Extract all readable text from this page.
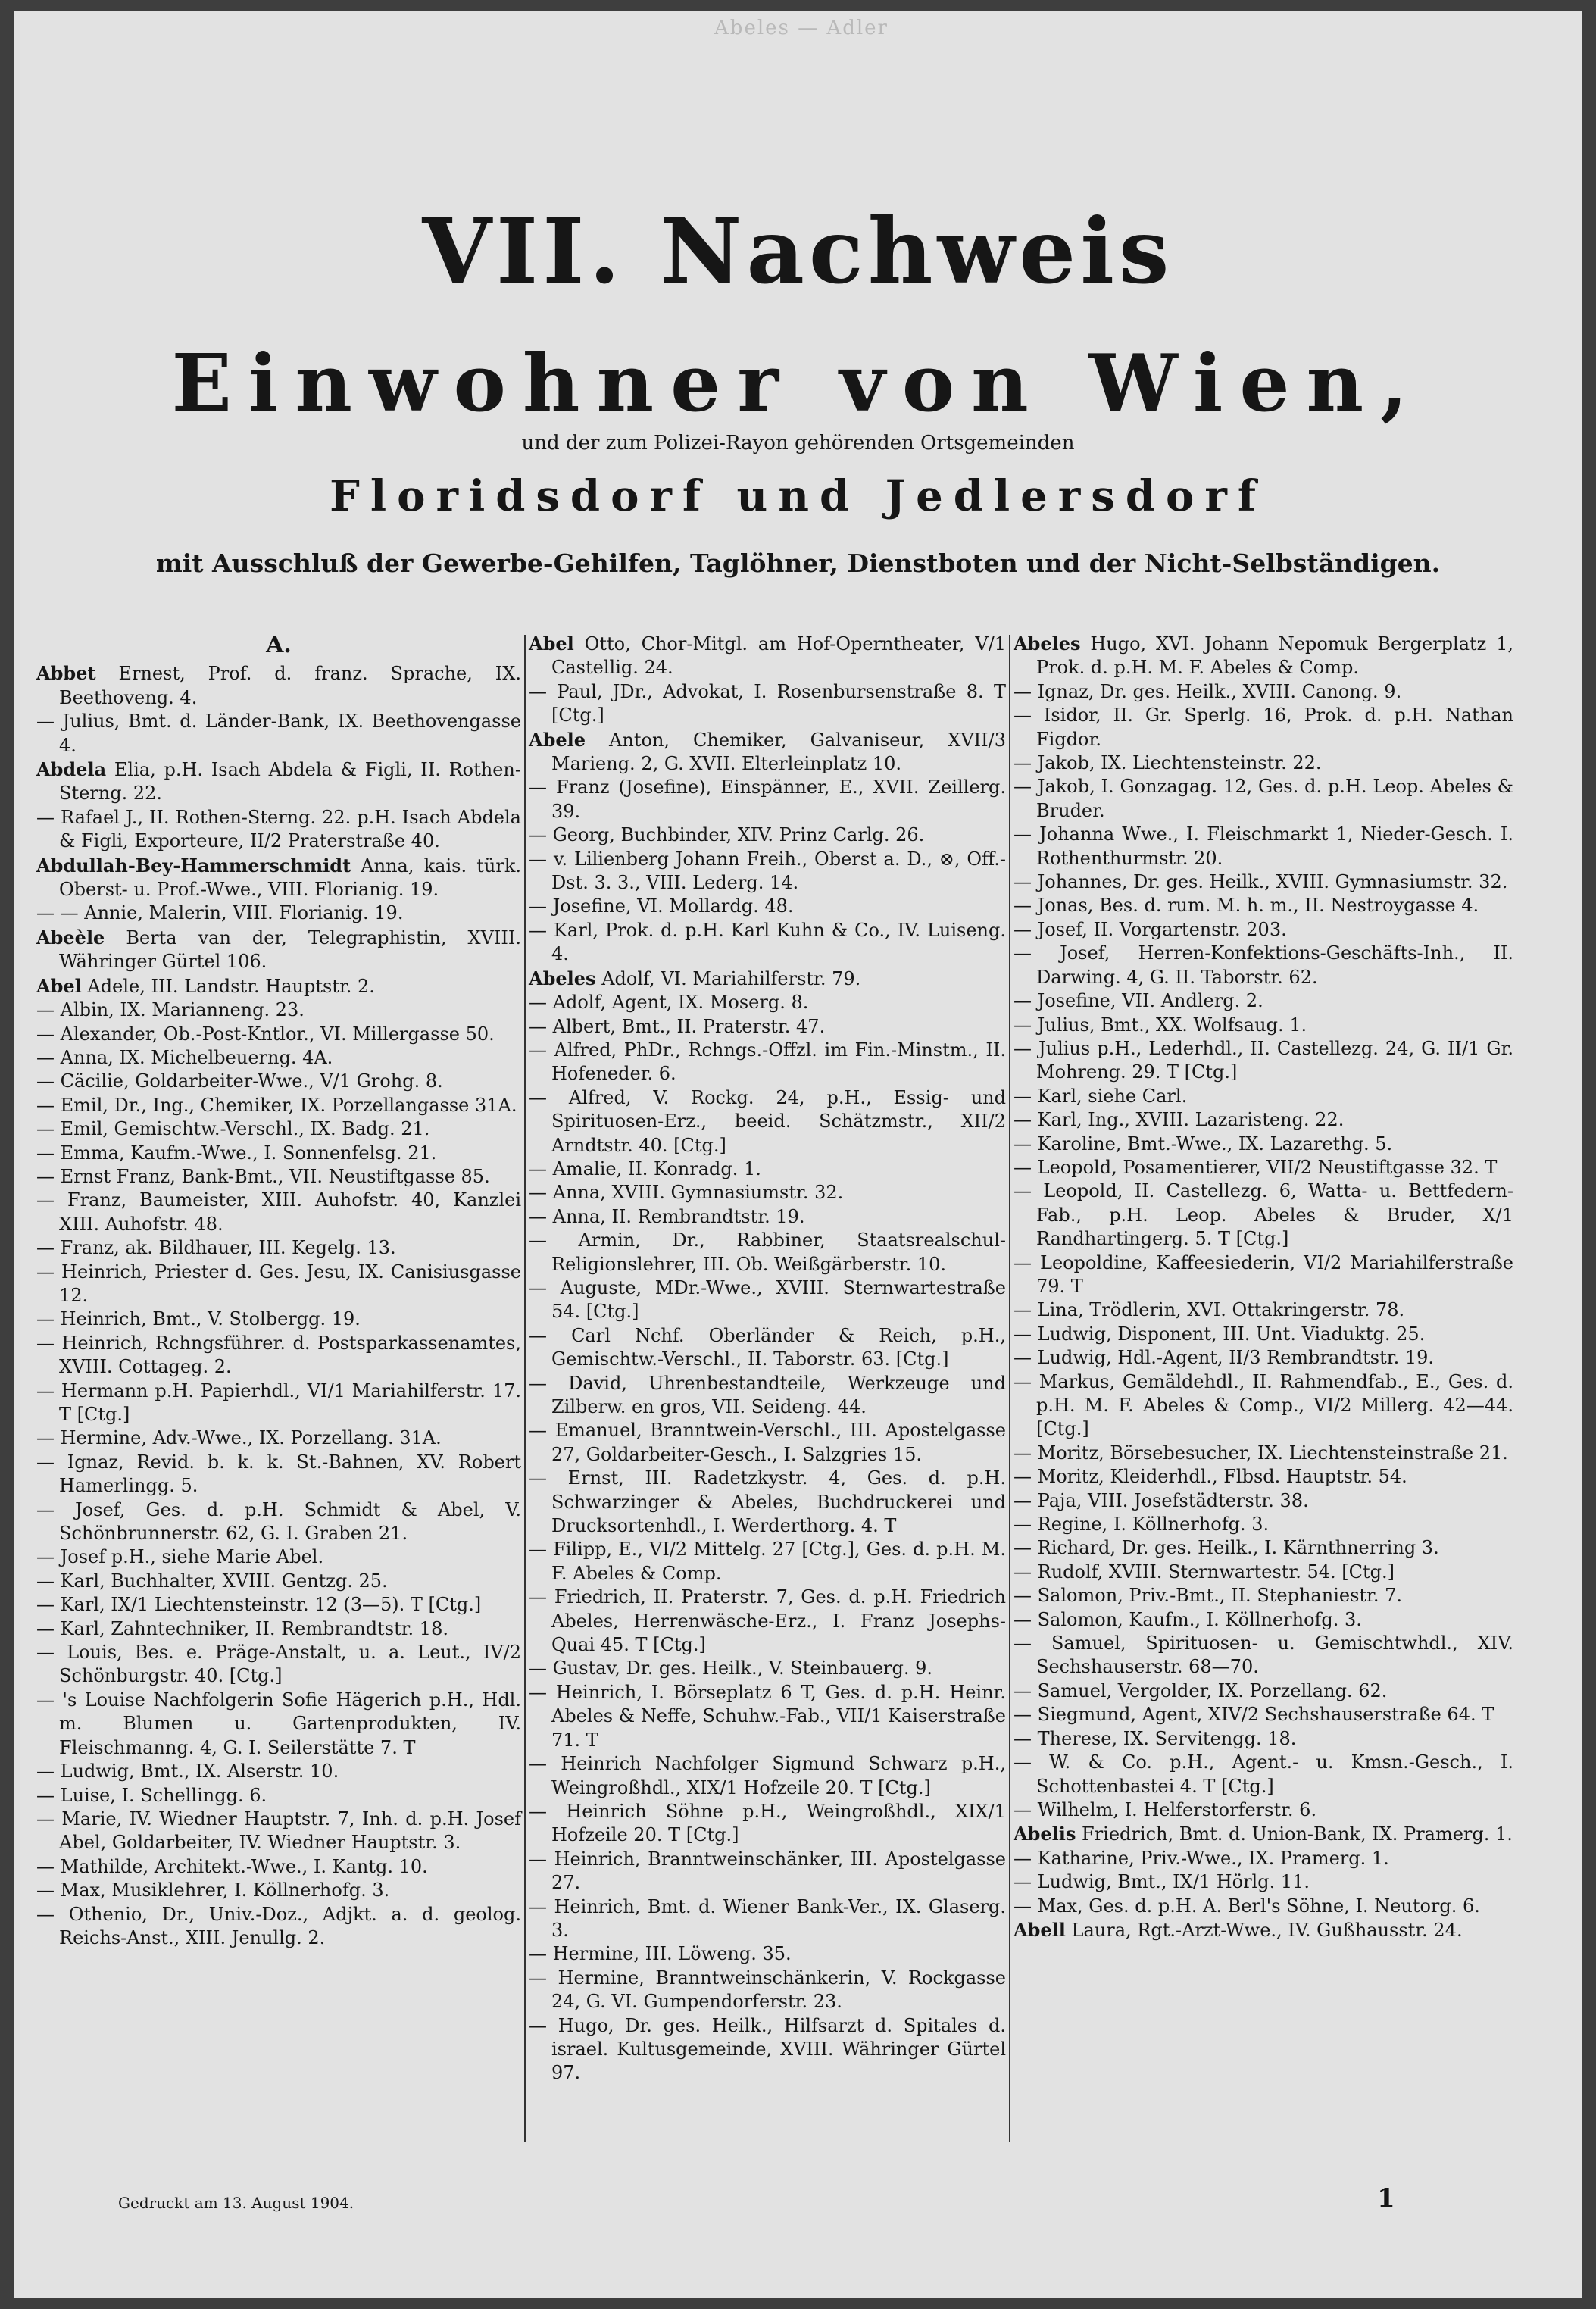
Abeles — Adler
VII. Nachweis
Einwohner von Wien,
und der zum Polizei-Rayon gehörenden Ortsgemeinden
Floridsdorf und Jedlersdorf
mit Ausschluß der Gewerbe-Gehilfen, Taglöhner, Dienstboten und der Nicht-Selbständigen.

A.

Abbet Ernest, Prof. d. franz. Sprache, IX. Beethoveng. 4.

— Julius, Bmt. d. Länder-Bank, IX. Beethovengasse 4.

Abdela Elia, p.H. Isach Abdela & Figli, II. Rothen-Sterng. 22.

— Rafael J., II. Rothen-Sterng. 22. p.H. Isach Abdela & Figli, Exporteure, II/2 Praterstraße 40.

Abdullah-Bey-Hammerschmidt Anna, kais. türk. Oberst- u. Prof.-Wwe., VIII. Florianig. 19.

— — Annie, Malerin, VIII. Florianig. 19.

Abeèle Berta van der, Telegraphistin, XVIII. Währinger Gürtel 106.

Abel Adele, III. Landstr. Hauptstr. 2.

— Albin, IX. Marianneng. 23.

— Alexander, Ob.-Post-Kntlor., VI. Millergasse 50.

— Anna, IX. Michelbeuerng. 4A.

— Cäcilie, Goldarbeiter-Wwe., V/1 Grohg. 8.

— Emil, Dr., Ing., Chemiker, IX. Porzellangasse 31A.

— Emil, Gemischtw.-Verschl., IX. Badg. 21.

— Emma, Kaufm.-Wwe., I. Sonnenfelsg. 21.

— Ernst Franz, Bank-Bmt., VII. Neustiftgasse 85.

— Franz, Baumeister, XIII. Auhofstr. 40, Kanzlei XIII. Auhofstr. 48.

— Franz, ak. Bildhauer, III. Kegelg. 13.

— Heinrich, Priester d. Ges. Jesu, IX. Canisiusgasse 12.

— Heinrich, Bmt., V. Stolbergg. 19.

— Heinrich, Rchngsführer. d. Postsparkassenamtes, XVIII. Cottageg. 2.

— Hermann p.H. Papierhdl., VI/1 Mariahilferstr. 17. T [Ctg.]

— Hermine, Adv.-Wwe., IX. Porzellang. 31A.

— Ignaz, Revid. b. k. k. St.-Bahnen, XV. Robert Hamerlingg. 5.

— Josef, Ges. d. p.H. Schmidt & Abel, V. Schönbrunnerstr. 62, G. I. Graben 21.

— Josef p.H., siehe Marie Abel.

— Karl, Buchhalter, XVIII. Gentzg. 25.

— Karl, IX/1 Liechtensteinstr. 12 (3—5). T [Ctg.]

— Karl, Zahntechniker, II. Rembrandtstr. 18.

— Louis, Bes. e. Präge-Anstalt, u. a. Leut., IV/2 Schönburgstr. 40. [Ctg.]

— 's Louise Nachfolgerin Sofie Hägerich p.H., Hdl. m. Blumen u. Gartenprodukten, IV. Fleischmanng. 4, G. I. Seilerstätte 7. T

— Ludwig, Bmt., IX. Alserstr. 10.

— Luise, I. Schellingg. 6.

— Marie, IV. Wiedner Hauptstr. 7, Inh. d. p.H. Josef Abel, Goldarbeiter, IV. Wiedner Hauptstr. 3.

— Mathilde, Architekt.-Wwe., I. Kantg. 10.

— Max, Musiklehrer, I. Köllnerhofg. 3.

— Othenio, Dr., Univ.-Doz., Adjkt. a. d. geolog. Reichs-Anst., XIII. Jenullg. 2.

Abel Otto, Chor-Mitgl. am Hof-Operntheater, V/1 Castellig. 24.

— Paul, JDr., Advokat, I. Rosenbursenstraße 8. T [Ctg.]

Abele Anton, Chemiker, Galvaniseur, XVII/3 Marieng. 2, G. XVII. Elterleinplatz 10.

— Franz (Josefine), Einspänner, E., XVII. Zeillerg. 39.

— Georg, Buchbinder, XIV. Prinz Carlg. 26.

— v. Lilienberg Johann Freih., Oberst a. D., ⊗, Off.-Dst. 3. 3., VIII. Lederg. 14.

— Josefine, VI. Mollardg. 48.

— Karl, Prok. d. p.H. Karl Kuhn & Co., IV. Luiseng. 4.

Abeles Adolf, VI. Mariahilferstr. 79.

— Adolf, Agent, IX. Moserg. 8.

— Albert, Bmt., II. Praterstr. 47.

— Alfred, PhDr., Rchngs.-Offzl. im Fin.-Minstm., II. Hofeneder. 6.

— Alfred, V. Rockg. 24, p.H., Essig- und Spirituosen-Erz., beeid. Schätzmstr., XII/2 Arndtstr. 40. [Ctg.]

— Amalie, II. Konradg. 1.

— Anna, XVIII. Gymnasiumstr. 32.

— Anna, II. Rembrandtstr. 19.

— Armin, Dr., Rabbiner, Staatsrealschul-Religionslehrer, III. Ob. Weißgärberstr. 10.

— Auguste, MDr.-Wwe., XVIII. Sternwartestraße 54. [Ctg.]

— Carl Nchf. Oberländer & Reich, p.H., Gemischtw.-Verschl., II. Taborstr. 63. [Ctg.]

— David, Uhrenbestandteile, Werkzeuge und Zilberw. en gros, VII. Seideng. 44.

— Emanuel, Branntwein-Verschl., III. Apostelgasse 27, Goldarbeiter-Gesch., I. Salzgries 15.

— Ernst, III. Radetzkystr. 4, Ges. d. p.H. Schwarzinger & Abeles, Buchdruckerei und Drucksortenhdl., I. Werderthorg. 4. T

— Filipp, E., VI/2 Mittelg. 27 [Ctg.], Ges. d. p.H. M. F. Abeles & Comp.

— Friedrich, II. Praterstr. 7, Ges. d. p.H. Friedrich Abeles, Herrenwäsche-Erz., I. Franz Josephs-Quai 45. T [Ctg.]

— Gustav, Dr. ges. Heilk., V. Steinbauerg. 9.

— Heinrich, I. Börseplatz 6 T, Ges. d. p.H. Heinr. Abeles & Neffe, Schuhw.-Fab., VII/1 Kaiserstraße 71. T

— Heinrich Nachfolger Sigmund Schwarz p.H., Weingroßhdl., XIX/1 Hofzeile 20. T [Ctg.]

— Heinrich Söhne p.H., Weingroßhdl., XIX/1 Hofzeile 20. T [Ctg.]

— Heinrich, Branntweinschänker, III. Apostelgasse 27.

— Heinrich, Bmt. d. Wiener Bank-Ver., IX. Glaserg. 3.

— Hermine, III. Löweng. 35.

— Hermine, Branntweinschänkerin, V. Rockgasse 24, G. VI. Gumpendorferstr. 23.

— Hugo, Dr. ges. Heilk., Hilfsarzt d. Spitales d. israel. Kultusgemeinde, XVIII. Währinger Gürtel 97.

Abeles Hugo, XVI. Johann Nepomuk Bergerplatz 1, Prok. d. p.H. M. F. Abeles & Comp.

— Ignaz, Dr. ges. Heilk., XVIII. Canong. 9.

— Isidor, II. Gr. Sperlg. 16, Prok. d. p.H. Nathan Figdor.

— Jakob, IX. Liechtensteinstr. 22.

— Jakob, I. Gonzagag. 12, Ges. d. p.H. Leop. Abeles & Bruder.

— Johanna Wwe., I. Fleischmarkt 1, Nieder-Gesch. I. Rothenthurmstr. 20.

— Johannes, Dr. ges. Heilk., XVIII. Gymnasiumstr. 32.

— Jonas, Bes. d. rum. M. h. m., II. Nestroygasse 4.

— Josef, II. Vorgartenstr. 203.

— Josef, Herren-Konfektions-Geschäfts-Inh., II. Darwing. 4, G. II. Taborstr. 62.

— Josefine, VII. Andlerg. 2.

— Julius, Bmt., XX. Wolfsaug. 1.

— Julius p.H., Lederhdl., II. Castellezg. 24, G. II/1 Gr. Mohreng. 29. T [Ctg.]

— Karl, siehe Carl.

— Karl, Ing., XVIII. Lazaristeng. 22.

— Karoline, Bmt.-Wwe., IX. Lazarethg. 5.

— Leopold, Posamentierer, VII/2 Neustiftgasse 32. T

— Leopold, II. Castellezg. 6, Watta- u. Bettfedern-Fab., p.H. Leop. Abeles & Bruder, X/1 Randhartingerg. 5. T [Ctg.]

— Leopoldine, Kaffeesiederin, VI/2 Mariahilferstraße 79. T

— Lina, Trödlerin, XVI. Ottakringerstr. 78.

— Ludwig, Disponent, III. Unt. Viaduktg. 25.

— Ludwig, Hdl.-Agent, II/3 Rembrandtstr. 19.

— Markus, Gemäldehdl., II. Rahmendfab., E., Ges. d. p.H. M. F. Abeles & Comp., VI/2 Millerg. 42—44. [Ctg.]

— Moritz, Börsebesucher, IX. Liechtensteinstraße 21.

— Moritz, Kleiderhdl., Flbsd. Hauptstr. 54.

— Paja, VIII. Josefstädterstr. 38.

— Regine, I. Köllnerhofg. 3.

— Richard, Dr. ges. Heilk., I. Kärnthnerring 3.

— Rudolf, XVIII. Sternwartestr. 54. [Ctg.]

— Salomon, Priv.-Bmt., II. Stephaniestr. 7.

— Salomon, Kaufm., I. Köllnerhofg. 3.

— Samuel, Spirituosen- u. Gemischtwhdl., XIV. Sechshauserstr. 68—70.

— Samuel, Vergolder, IX. Porzellang. 62.

— Siegmund, Agent, XIV/2 Sechshauserstraße 64. T

— Therese, IX. Servitengg. 18.

— W. & Co. p.H., Agent.- u. Kmsn.-Gesch., I. Schottenbastei 4. T [Ctg.]

— Wilhelm, I. Helferstorferstr. 6.

Abelis Friedrich, Bmt. d. Union-Bank, IX. Pramerg. 1.

— Katharine, Priv.-Wwe., IX. Pramerg. 1.

— Ludwig, Bmt., IX/1 Hörlg. 11.

— Max, Ges. d. p.H. A. Berl's Söhne, I. Neutorg. 6.

Abell Laura, Rgt.-Arzt-Wwe., IV. Gußhausstr. 24.

Gedruckt am 13. August 1904.	1
